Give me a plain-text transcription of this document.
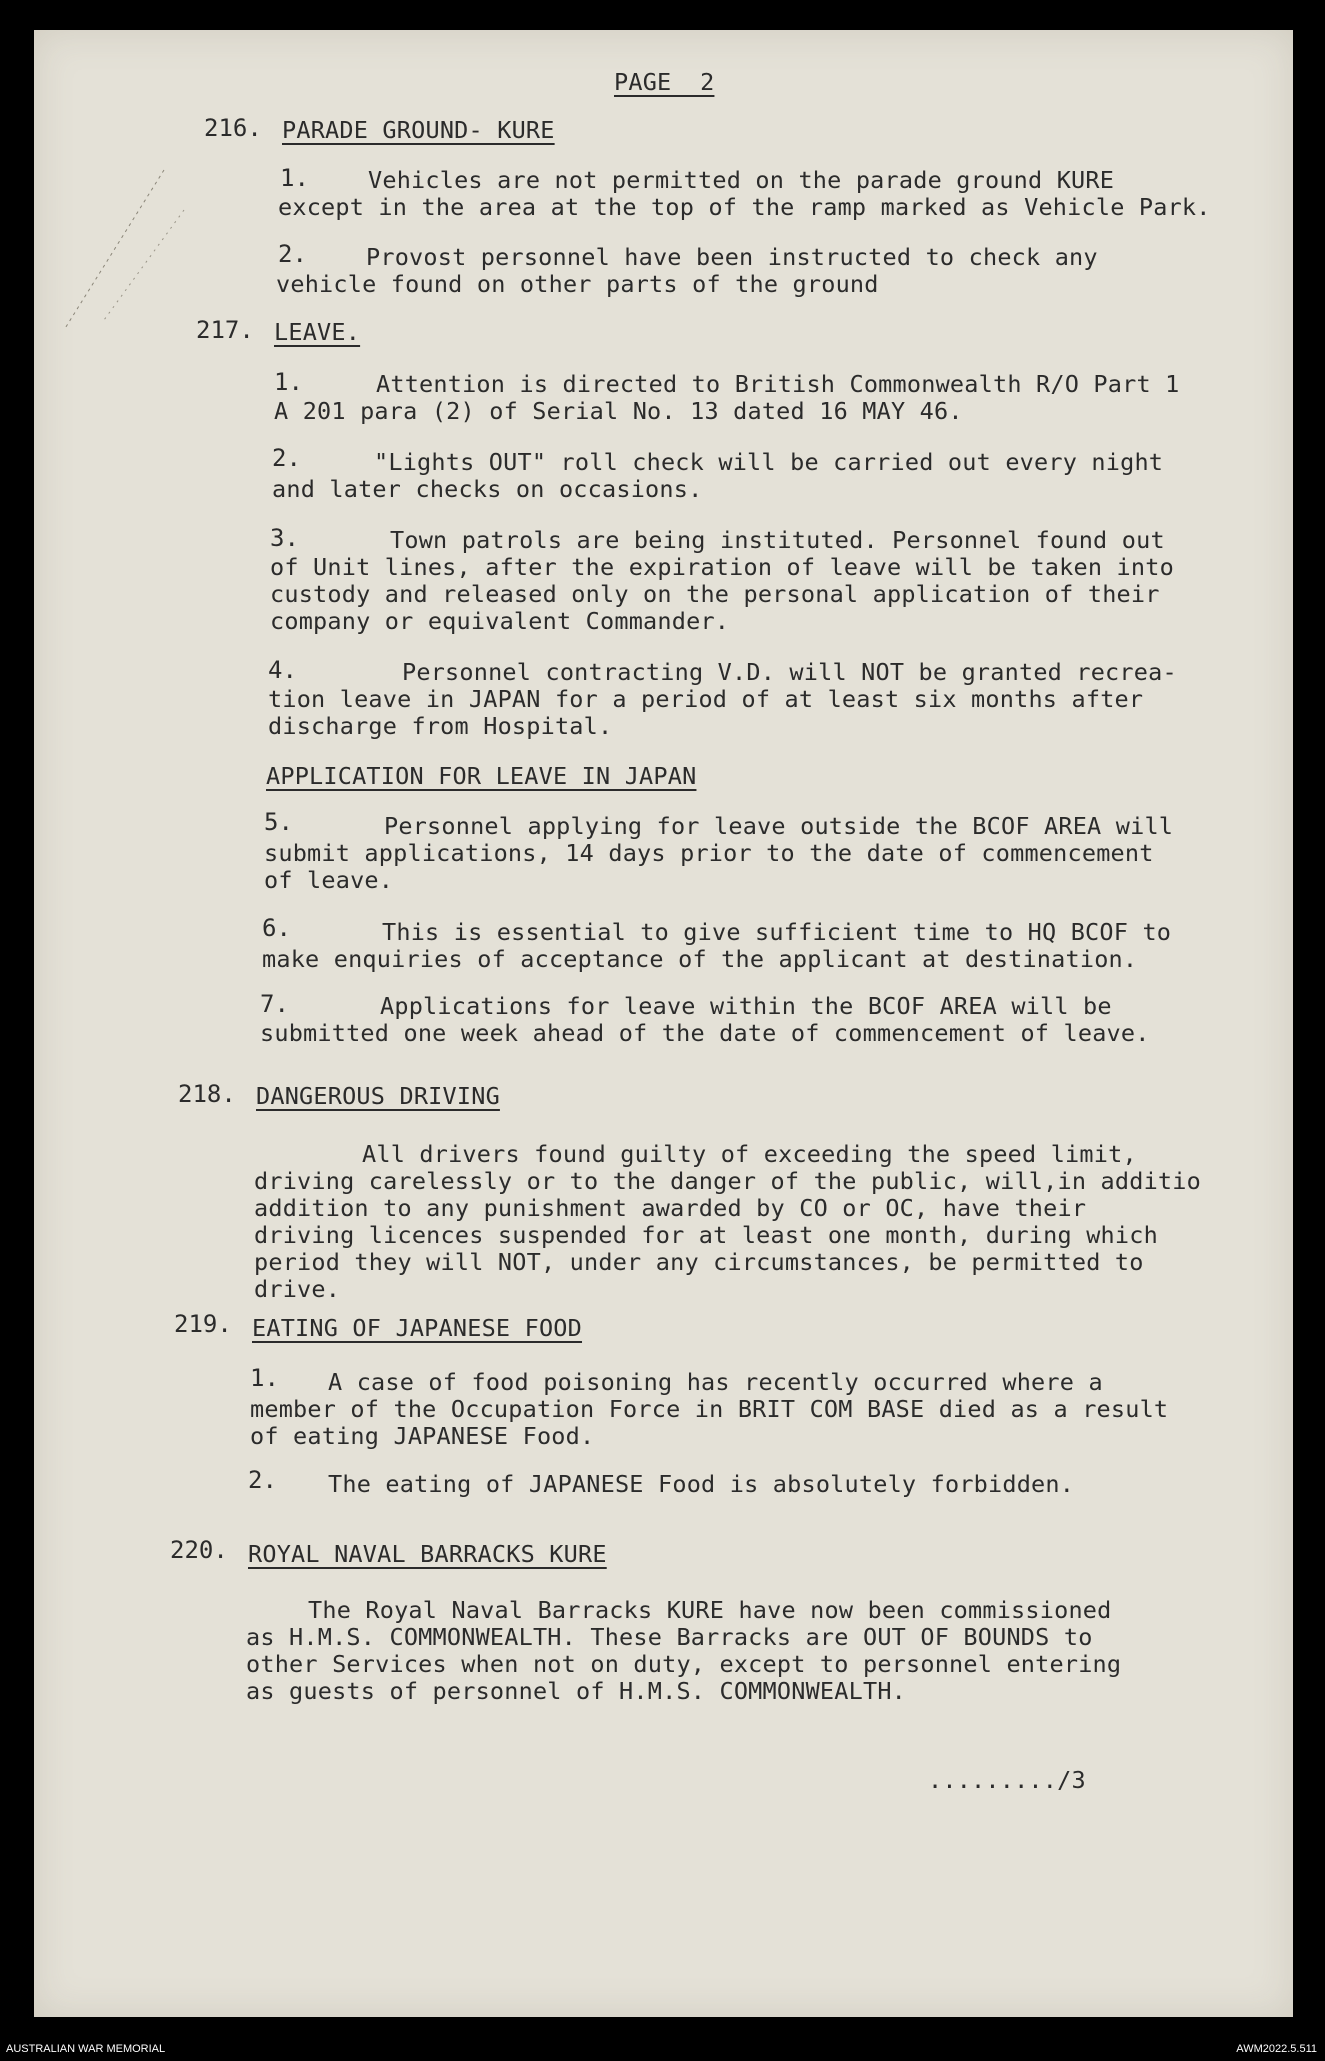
PAGE  2
216. PARADE GROUND- KURE
1.	Vehicles are not permitted on the parade ground KURE
except in the area at the top of the ramp marked as Vehicle Park.
2.	Provost personnel have been instructed to check any
vehicle found on other parts of the ground
217. LEAVE.
1.	Attention is directed to British Commonwealth R/O Part 1
A 201 para (2) of Serial No. 13 dated 16 MAY 46.
2.	"Lights OUT" roll check will be carried out every night
and later checks on occasions.
3.	Town patrols are being instituted. Personnel found out
of Unit lines, after the expiration of leave will be taken into
custody and released only on the personal application of their
company or equivalent Commander.
4.	Personnel contracting V.D. will NOT be granted recrea-
tion leave in JAPAN for a period of at least six months after
discharge from Hospital.
APPLICATION FOR LEAVE IN JAPAN
5.	Personnel applying for leave outside the BCOF AREA will
submit applications, 14 days prior to the date of commencement
of leave.
6.	This is essential to give sufficient time to HQ BCOF to
make enquiries of acceptance of the applicant at destination.
7.	Applications for leave within the BCOF AREA will be
submitted one week ahead of the date of commencement of leave.
218. DANGEROUS DRIVING
All drivers found guilty of exceeding the speed limit,
driving carelessly or to the danger of the public, will,in additio
addition to any punishment awarded by CO or OC, have their
driving licences suspended for at least one month, during which
period they will NOT, under any circumstances, be permitted to
drive.
219. EATING OF JAPANESE FOOD
1. A case of food poisoning has recently occurred where a
member of the Occupation Force in BRIT COM BASE died as a result
of eating JAPANESE Food.
2. The eating of JAPANESE Food is absolutely forbidden.
220. ROYAL NAVAL BARRACKS KURE
The Royal Naval Barracks KURE have now been commissioned
as H.M.S. COMMONWEALTH. These Barracks are OUT OF BOUNDS to
other Services when not on duty, except to personnel entering
as guests of personnel of H.M.S. COMMONWEALTH.
........./3
AUSTRALIAN WAR MEMORIAL	AWM2022.5.511
